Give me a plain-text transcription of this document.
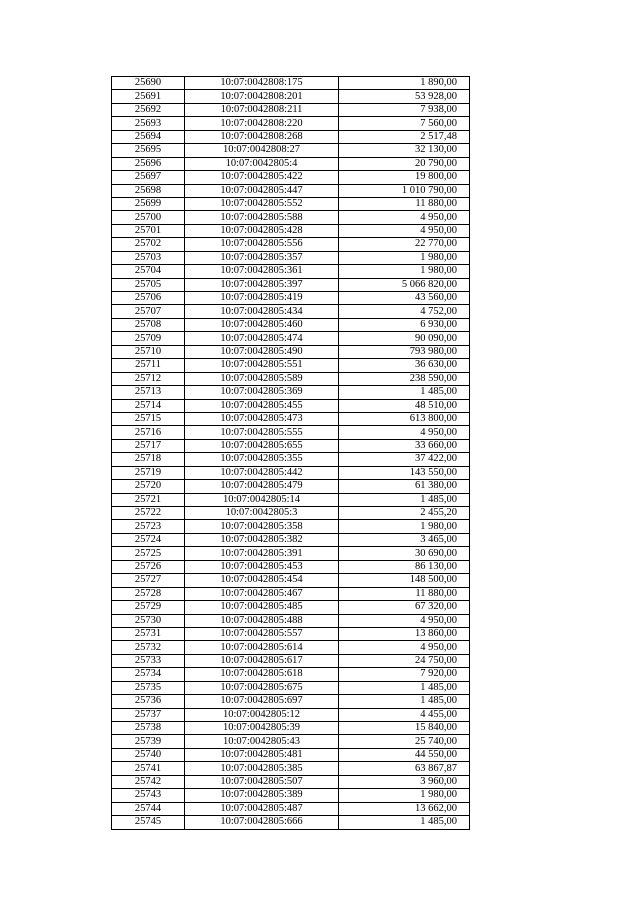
25690	10:07:0042808:175	1 890,00
25691	10:07:0042808:201	53 928,00
25692	10:07:0042808:211	7 938,00
25693	10:07:0042808:220	7 560,00
25694	10:07:0042808:268	2 517,48
25695	10:07:0042808:27	32 130,00
25696	10:07:0042805:4	20 790,00
25697	10:07:0042805:422	19 800,00
25698	10:07:0042805:447	1 010 790,00
25699	10:07:0042805:552	11 880,00
25700	10:07:0042805:588	4 950,00
25701	10:07:0042805:428	4 950,00
25702	10:07:0042805:556	22 770,00
25703	10:07:0042805:357	1 980,00
25704	10:07:0042805:361	1 980,00
25705	10:07:0042805:397	5 066 820,00
25706	10:07:0042805:419	43 560,00
25707	10:07:0042805:434	4 752,00
25708	10:07:0042805:460	6 930,00
25709	10:07:0042805:474	90 090,00
25710	10:07:0042805:490	793 980,00
25711	10:07:0042805:551	36 630,00
25712	10:07:0042805:589	238 590,00
25713	10:07:0042805:369	1 485,00
25714	10:07:0042805:455	48 510,00
25715	10:07:0042805:473	613 800,00
25716	10:07:0042805:555	4 950,00
25717	10:07:0042805:655	33 660,00
25718	10:07:0042805:355	37 422,00
25719	10:07:0042805:442	143 550,00
25720	10:07:0042805:479	61 380,00
25721	10:07:0042805:14	1 485,00
25722	10:07:0042805:3	2 455,20
25723	10:07:0042805:358	1 980,00
25724	10:07:0042805:382	3 465,00
25725	10:07:0042805:391	30 690,00
25726	10:07:0042805:453	86 130,00
25727	10:07:0042805:454	148 500,00
25728	10:07:0042805:467	11 880,00
25729	10:07:0042805:485	67 320,00
25730	10:07:0042805:488	4 950,00
25731	10:07:0042805:557	13 860,00
25732	10:07:0042805:614	4 950,00
25733	10:07:0042805:617	24 750,00
25734	10:07:0042805:618	7 920,00
25735	10:07:0042805:675	1 485,00
25736	10:07:0042805:697	1 485,00
25737	10:07:0042805:12	4 455,00
25738	10:07:0042805:39	15 840,00
25739	10:07:0042805:43	25 740,00
25740	10:07:0042805:481	44 550,00
25741	10:07:0042805:385	63 867,87
25742	10:07:0042805:507	3 960,00
25743	10:07:0042805:389	1 980,00
25744	10:07:0042805:487	13 662,00
25745	10:07:0042805:666	1 485,00
